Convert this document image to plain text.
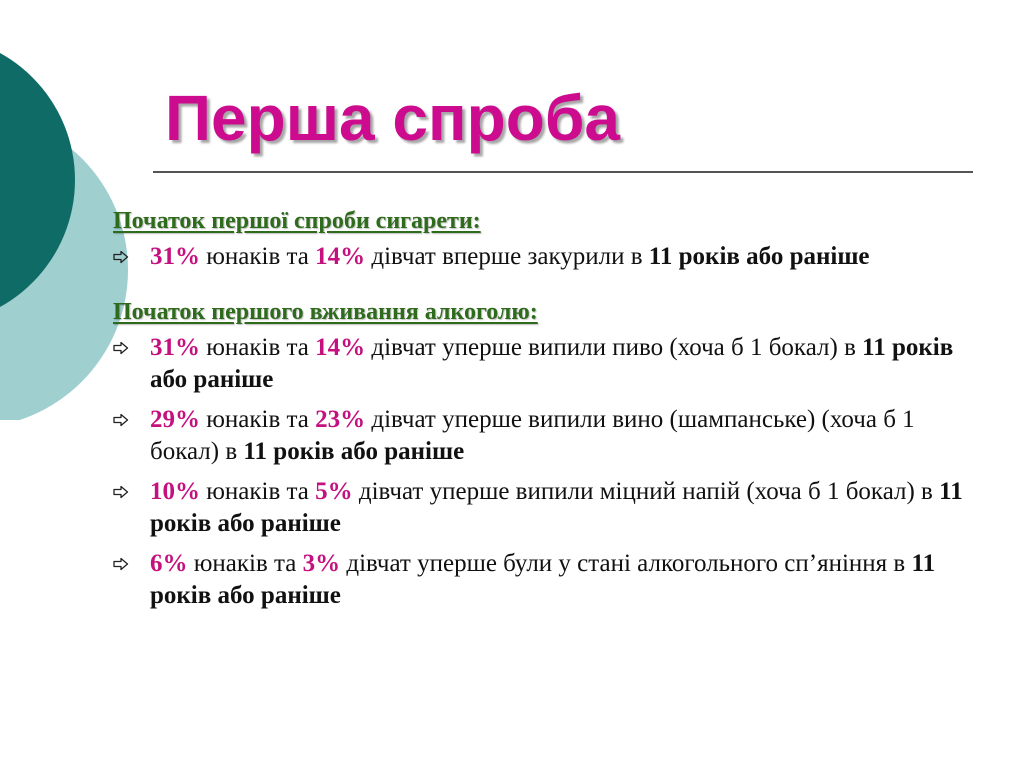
Перша спроба

Початок першої спроби сигарети:

31% юнаків та 14% дівчат вперше закурили в 11 років або раніше

Початок першого вживання алкоголю:

31% юнаків та 14% дівчат уперше випили пиво (хоча б 1 бокал) в 11 років або раніше
29% юнаків та 23% дівчат уперше випили вино (шампанське) (хоча б 1 бокал) в 11 років або раніше
10% юнаків та 5% дівчат уперше випили міцний напій (хоча б 1 бокал) в 11 років або раніше
6% юнаків та 3% дівчат уперше були у стані алкогольного сп’яніння в 11 років або раніше
